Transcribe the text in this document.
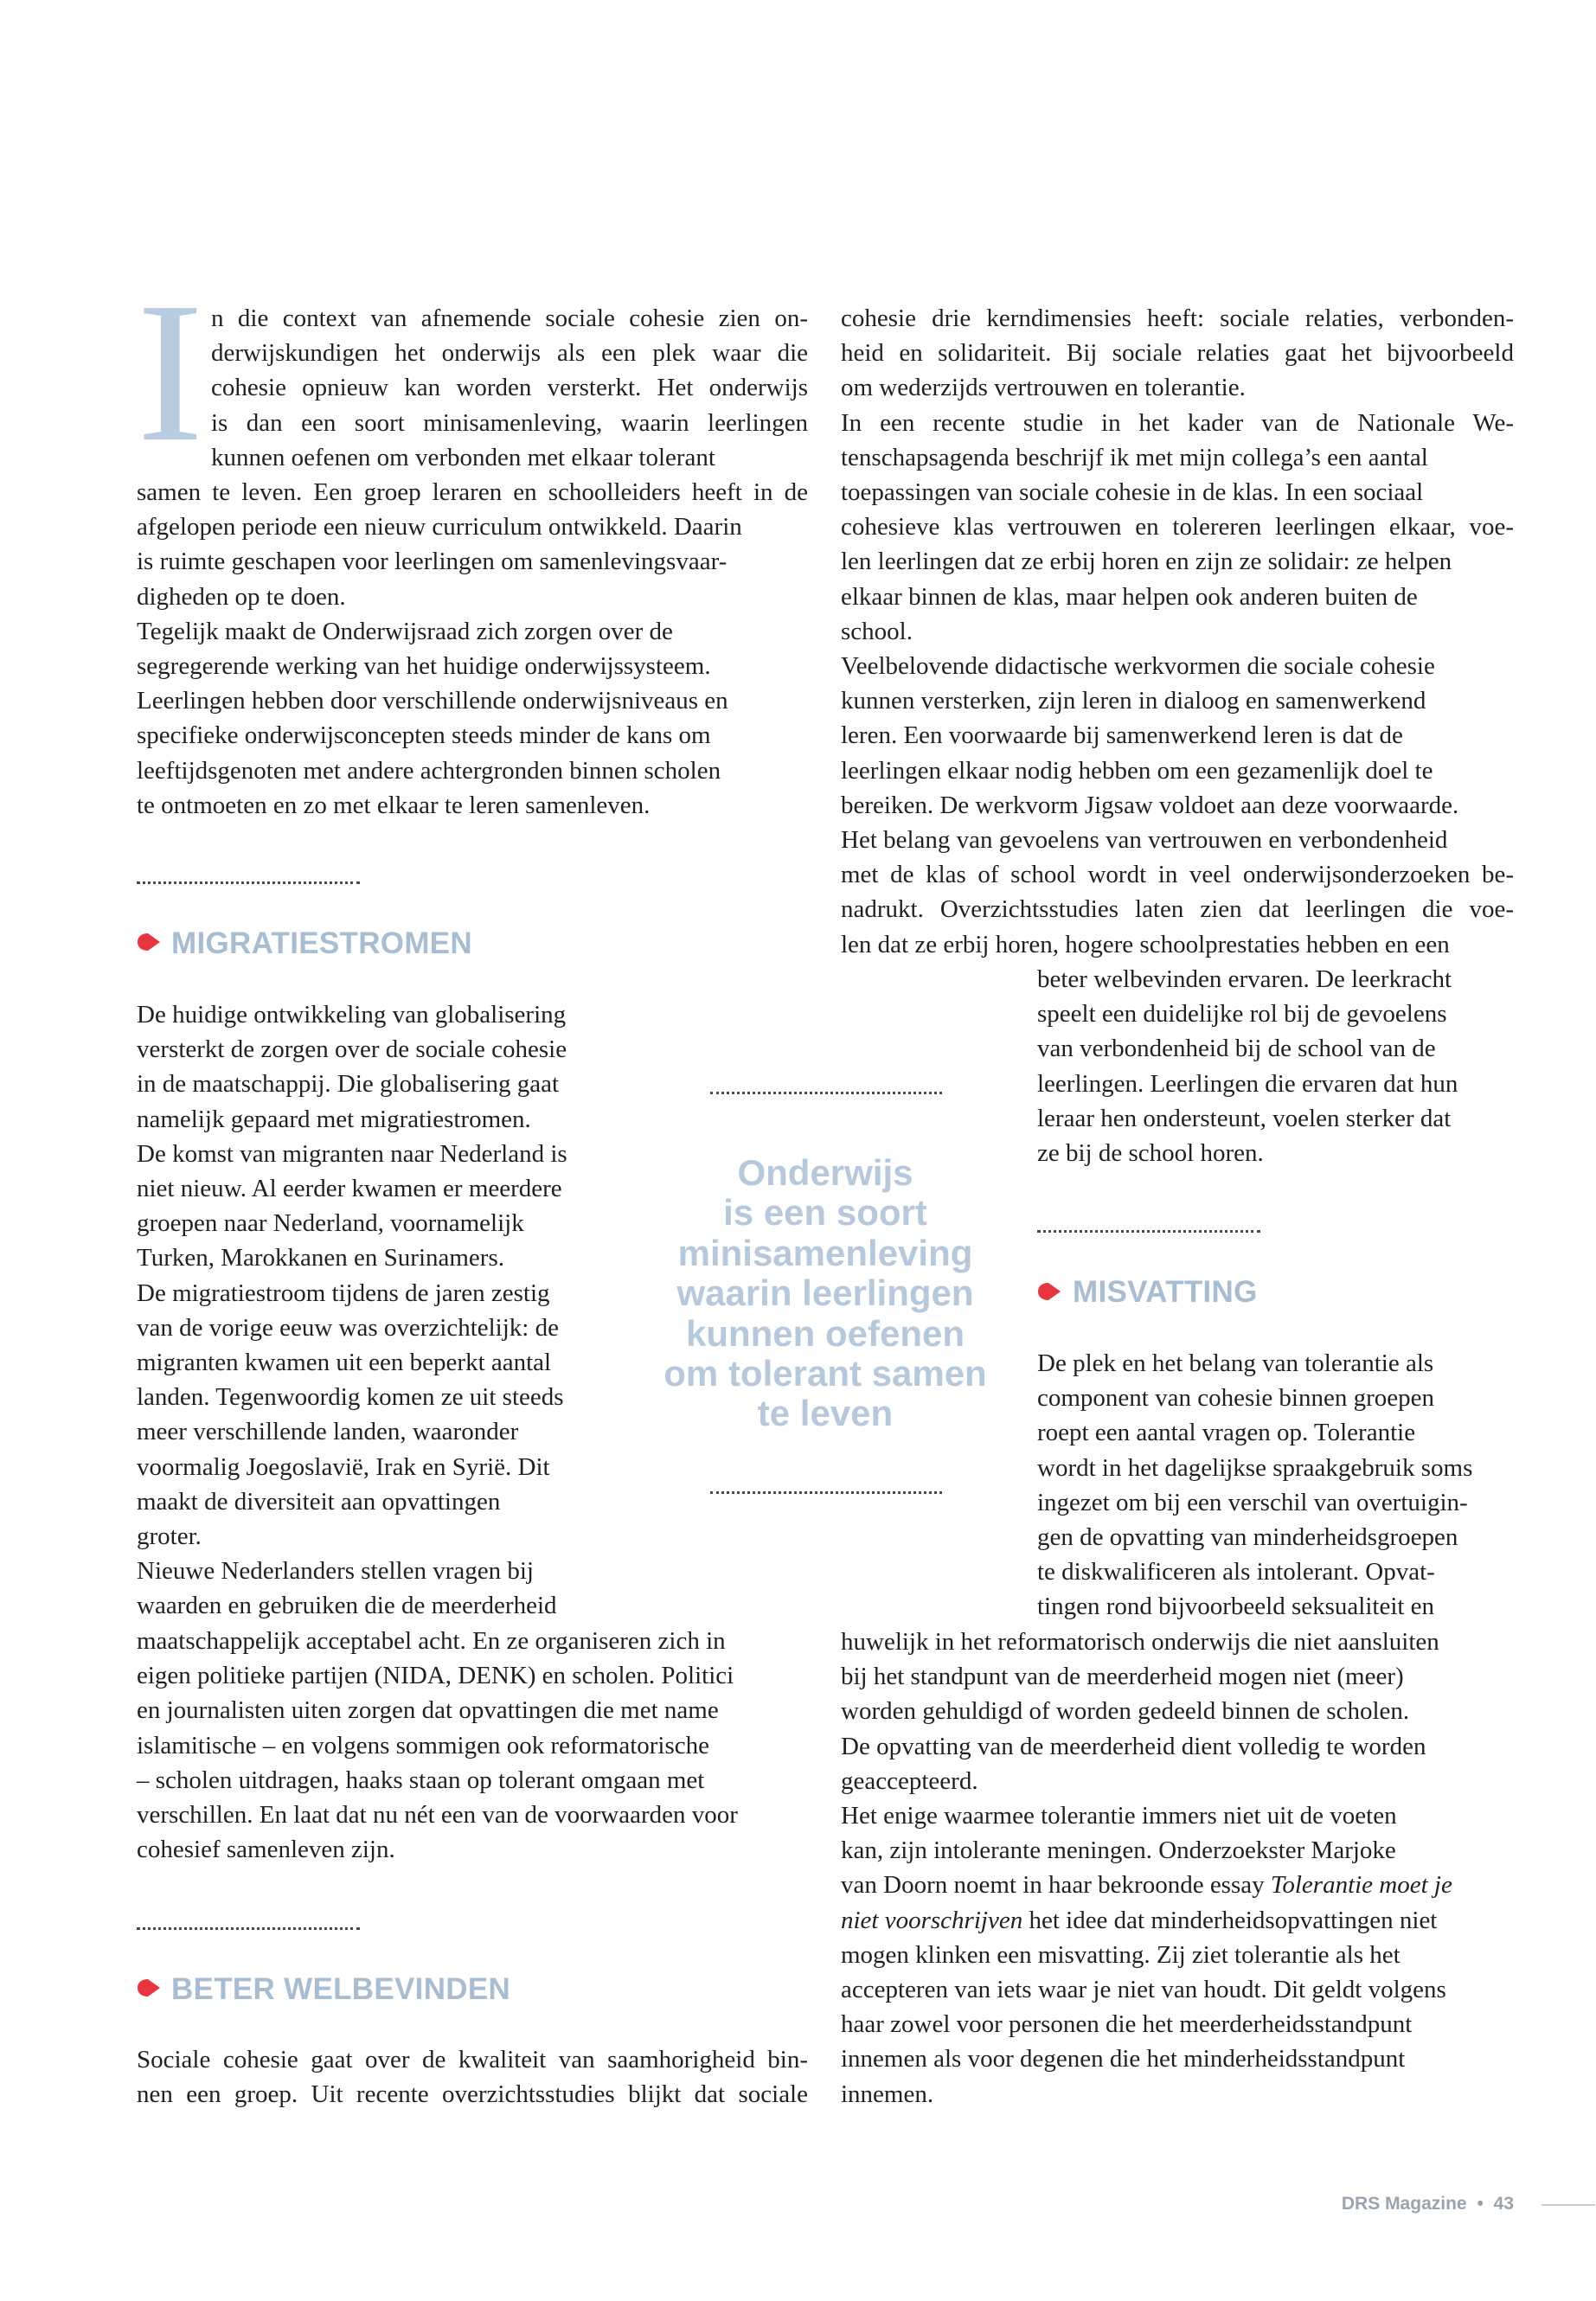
I n die context van afnemende sociale cohesie zien on-
derwijskundigen het onderwijs als een plek waar die
cohesie opnieuw kan worden versterkt. Het onderwijs
is dan een soort minisamenleving, waarin leerlingen
kunnen oefenen om verbonden met elkaar tolerant
samen te leven. Een groep leraren en schoolleiders heeft in de
afgelopen periode een nieuw curriculum ontwikkeld. Daarin
is ruimte geschapen voor leerlingen om samenlevingsvaar-
digheden op te doen.
Tegelijk maakt de Onderwijsraad zich zorgen over de
segregerende werking van het huidige onderwijssysteem.
Leerlingen hebben door verschillende onderwijsniveaus en
specifieke onderwijsconcepten steeds minder de kans om
leeftijdsgenoten met andere achtergronden binnen scholen
te ontmoeten en zo met elkaar te leren samenleven.
MIGRATIESTROMEN
De huidige ontwikkeling van globalisering
versterkt de zorgen over de sociale cohesie
in de maatschappij. Die globalisering gaat
namelijk gepaard met migratiestromen.
De komst van migranten naar Nederland is
niet nieuw. Al eerder kwamen er meerdere
groepen naar Nederland, voornamelijk
Turken, Marokkanen en Surinamers.
De migratiestroom tijdens de jaren zestig
van de vorige eeuw was overzichtelijk: de
migranten kwamen uit een beperkt aantal
landen. Tegenwoordig komen ze uit steeds
meer verschillende landen, waaronder
voormalig Joegoslavië, Irak en Syrië. Dit
maakt de diversiteit aan opvattingen
groter.
Nieuwe Nederlanders stellen vragen bij
waarden en gebruiken die de meerderheid
maatschappelijk acceptabel acht. En ze organiseren zich in
eigen politieke partijen (NIDA, DENK) en scholen. Politici
en journalisten uiten zorgen dat opvattingen die met name
islamitische – en volgens sommigen ook reformatorische
– scholen uitdragen, haaks staan op tolerant omgaan met
verschillen. En laat dat nu nét een van de voorwaarden voor
cohesief samenleven zijn.
BETER WELBEVINDEN
Sociale cohesie gaat over de kwaliteit van saamhorigheid bin-
nen een groep. Uit recente overzichtsstudies blijkt dat sociale
Onderwijs
is een soort
minisamenleving
waarin leerlingen
kunnen oefenen
om tolerant samen
te leven
cohesie drie kerndimensies heeft: sociale relaties, verbonden-
heid en solidariteit. Bij sociale relaties gaat het bijvoorbeeld
om wederzijds vertrouwen en tolerantie.
In een recente studie in het kader van de Nationale We-
tenschapsagenda beschrijf ik met mijn collega’s een aantal
toepassingen van sociale cohesie in de klas. In een sociaal
cohesieve klas vertrouwen en tolereren leerlingen elkaar, voe-
len leerlingen dat ze erbij horen en zijn ze solidair: ze helpen
elkaar binnen de klas, maar helpen ook anderen buiten de
school.
Veelbelovende didactische werkvormen die sociale cohesie
kunnen versterken, zijn leren in dialoog en samenwerkend
leren. Een voorwaarde bij samenwerkend leren is dat de
leerlingen elkaar nodig hebben om een gezamenlijk doel te
bereiken. De werkvorm Jigsaw voldoet aan deze voorwaarde.
Het belang van gevoelens van vertrouwen en verbondenheid
met de klas of school wordt in veel onderwijsonderzoeken be-
nadrukt. Overzichtsstudies laten zien dat leerlingen die voe-
len dat ze erbij horen, hogere schoolprestaties hebben en een
beter welbevinden ervaren. De leerkracht
speelt een duidelijke rol bij de gevoelens
van verbondenheid bij de school van de
leerlingen. Leerlingen die ervaren dat hun
leraar hen ondersteunt, voelen sterker dat
ze bij de school horen.
MISVATTING
De plek en het belang van tolerantie als
component van cohesie binnen groepen
roept een aantal vragen op. Tolerantie
wordt in het dagelijkse spraakgebruik soms
ingezet om bij een verschil van overtuigin-
gen de opvatting van minderheidsgroepen
te diskwalificeren als intolerant. Opvat-
tingen rond bijvoorbeeld seksualiteit en
huwelijk in het reformatorisch onderwijs die niet aansluiten
bij het standpunt van de meerderheid mogen niet (meer)
worden gehuldigd of worden gedeeld binnen de scholen.
De opvatting van de meerderheid dient volledig te worden
geaccepteerd.
Het enige waarmee tolerantie immers niet uit de voeten
kan, zijn intolerante meningen. Onderzoekster Marjoke
van Doorn noemt in haar bekroonde essay Tolerantie moet je
niet voorschrijven het idee dat minderheidsopvattingen niet
mogen klinken een misvatting. Zij ziet tolerantie als het
accepteren van iets waar je niet van houdt. Dit geldt volgens
haar zowel voor personen die het meerderheidsstandpunt
innemen als voor degenen die het minderheidsstandpunt
innemen.
DRS Magazine • 43
